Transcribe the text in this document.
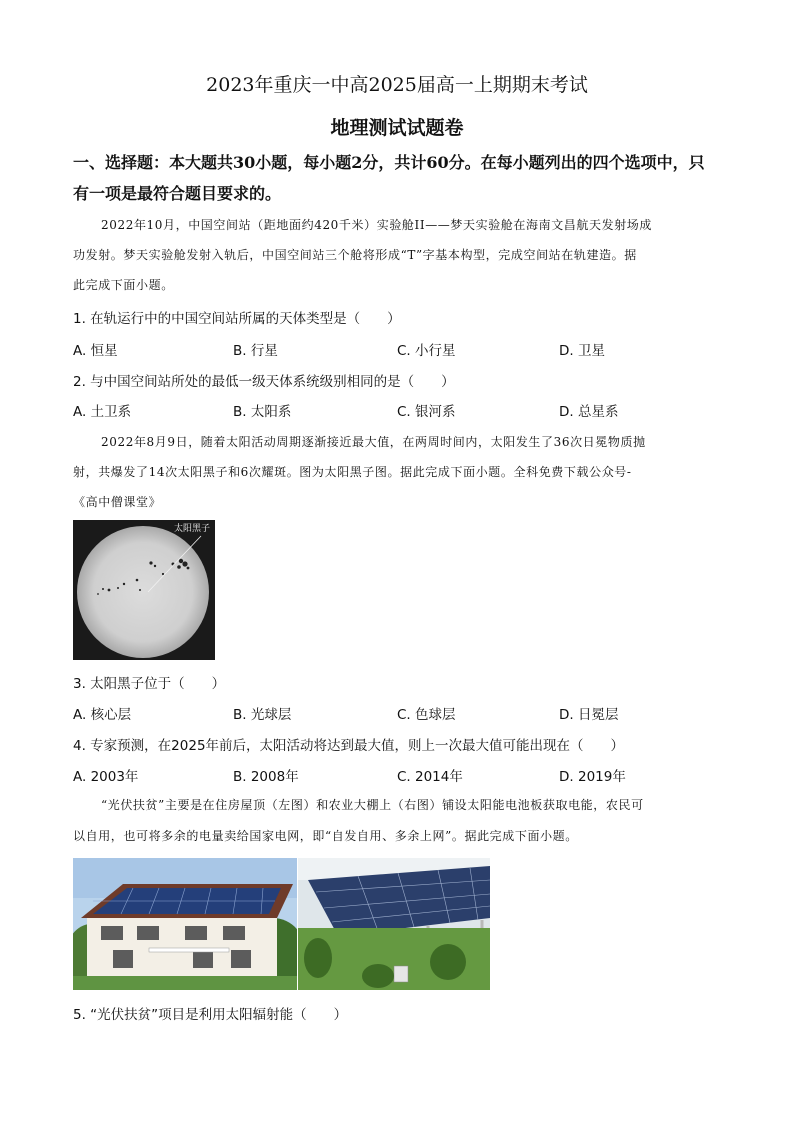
2023年重庆一中高2025届高一上期期末考试
地理测试试题卷
一、选择题：本大题共30小题，每小题2分，共计60分。在每小题列出的四个选项中，只
有一项是最符合题目要求的。
2022年10月，中国空间站（距地面约420千米）实验舱II——梦天实验舱在海南文昌航天发射场成
功发射。梦天实验舱发射入轨后，中国空间站三个舱将形成“T”字基本构型，完成空间站在轨建造。据
此完成下面小题。
1. 在轨运行中的中国空间站所属的天体类型是（　　）
A. 恒星	B. 行星	C. 小行星	D. 卫星
2. 与中国空间站所处的最低一级天体系统级别相同的是（　　）
A. 土卫系	B. 太阳系	C. 银河系	D. 总星系
2022年8月9日，随着太阳活动周期逐渐接近最大值，在两周时间内，太阳发生了36次日冕物质抛
射，共爆发了14次太阳黑子和6次耀斑。图为太阳黑子图。据此完成下面小题。全科免费下载公众号-
《高中僧课堂》
太阳黑子
3. 太阳黑子位于（　　）
A. 核心层	B. 光球层	C. 色球层	D. 日冕层
4. 专家预测，在2025年前后，太阳活动将达到最大值，则上一次最大值可能出现在（　　）
A. 2003年	B. 2008年	C. 2014年	D. 2019年
“光伏扶贫”主要是在住房屋顶（左图）和农业大棚上（右图）铺设太阳能电池板获取电能，农民可
以自用，也可将多余的电量卖给国家电网，即“自发自用、多余上网”。据此完成下面小题。
5. “光伏扶贫”项目是利用太阳辐射能（　　）
